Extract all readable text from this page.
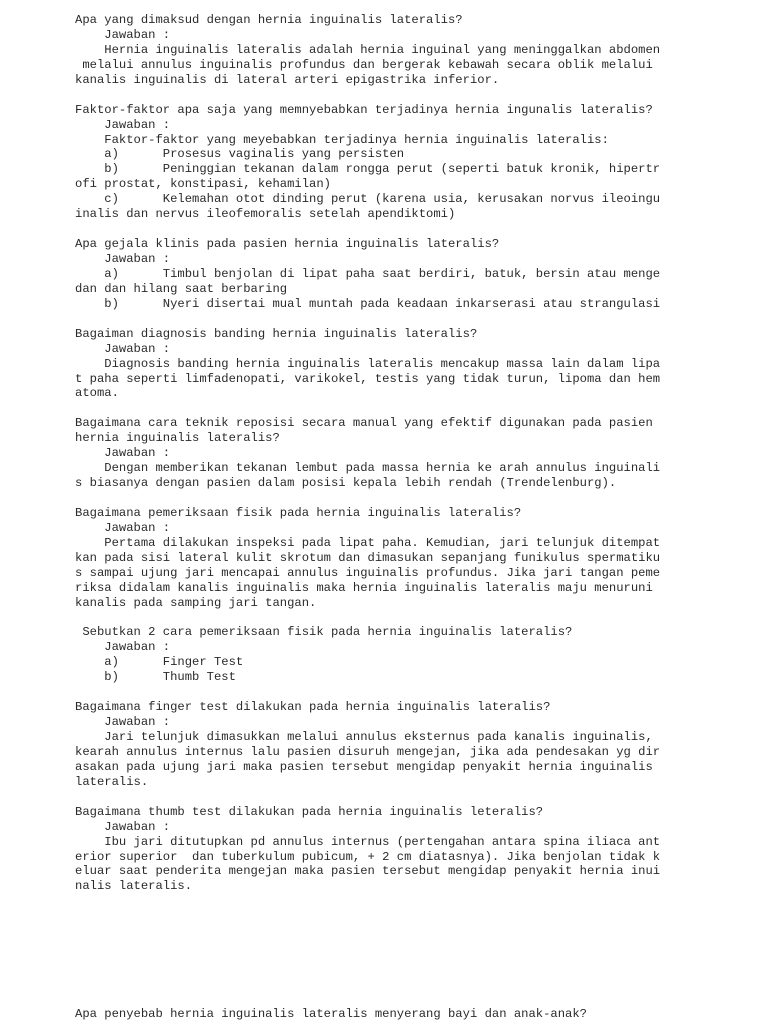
Apa yang dimaksud dengan hernia inguinalis lateralis?
Jawaban :
Hernia inguinalis lateralis adalah hernia inguinal yang meninggalkan abdomen
melalui annulus inguinalis profundus dan bergerak kebawah secara oblik melalui
kanalis inguinalis di lateral arteri epigastrika inferior.
Faktor-faktor apa saja yang memnyebabkan terjadinya hernia ingunalis lateralis?
Jawaban :
Faktor-faktor yang meyebabkan terjadinya hernia inguinalis lateralis:
a)      Prosesus vaginalis yang persisten
b)      Peninggian tekanan dalam rongga perut (seperti batuk kronik, hipertr
ofi prostat, konstipasi, kehamilan)
c)      Kelemahan otot dinding perut (karena usia, kerusakan norvus ileoingu
inalis dan nervus ileofemoralis setelah apendiktomi)
Apa gejala klinis pada pasien hernia inguinalis lateralis?
Jawaban :
a)      Timbul benjolan di lipat paha saat berdiri, batuk, bersin atau menge
dan dan hilang saat berbaring
b)      Nyeri disertai mual muntah pada keadaan inkarserasi atau strangulasi
Bagaiman diagnosis banding hernia inguinalis lateralis?
Jawaban :
Diagnosis banding hernia inguinalis lateralis mencakup massa lain dalam lipa
t paha seperti limfadenopati, varikokel, testis yang tidak turun, lipoma dan hem
atoma.
Bagaimana cara teknik reposisi secara manual yang efektif digunakan pada pasien
hernia inguinalis lateralis?
Jawaban :
Dengan memberikan tekanan lembut pada massa hernia ke arah annulus inguinali
s biasanya dengan pasien dalam posisi kepala lebih rendah (Trendelenburg).
Bagaimana pemeriksaan fisik pada hernia inguinalis lateralis?
Jawaban :
Pertama dilakukan inspeksi pada lipat paha. Kemudian, jari telunjuk ditempat
kan pada sisi lateral kulit skrotum dan dimasukan sepanjang funikulus spermatiku
s sampai ujung jari mencapai annulus inguinalis profundus. Jika jari tangan peme
riksa didalam kanalis inguinalis maka hernia inguinalis lateralis maju menuruni
kanalis pada samping jari tangan.
Sebutkan 2 cara pemeriksaan fisik pada hernia inguinalis lateralis?
Jawaban :
a)      Finger Test
b)      Thumb Test
Bagaimana finger test dilakukan pada hernia inguinalis lateralis?
Jawaban :
Jari telunjuk dimasukkan melalui annulus eksternus pada kanalis inguinalis,
kearah annulus internus lalu pasien disuruh mengejan, jika ada pendesakan yg dir
asakan pada ujung jari maka pasien tersebut mengidap penyakit hernia inguinalis
lateralis.
Bagaimana thumb test dilakukan pada hernia inguinalis leteralis?
Jawaban :
Ibu jari ditutupkan pd annulus internus (pertengahan antara spina iliaca ant
erior superior  dan tuberkulum pubicum, + 2 cm diatasnya). Jika benjolan tidak k
eluar saat penderita mengejan maka pasien tersebut mengidap penyakit hernia inui
nalis lateralis.
Apa penyebab hernia inguinalis lateralis menyerang bayi dan anak-anak?
